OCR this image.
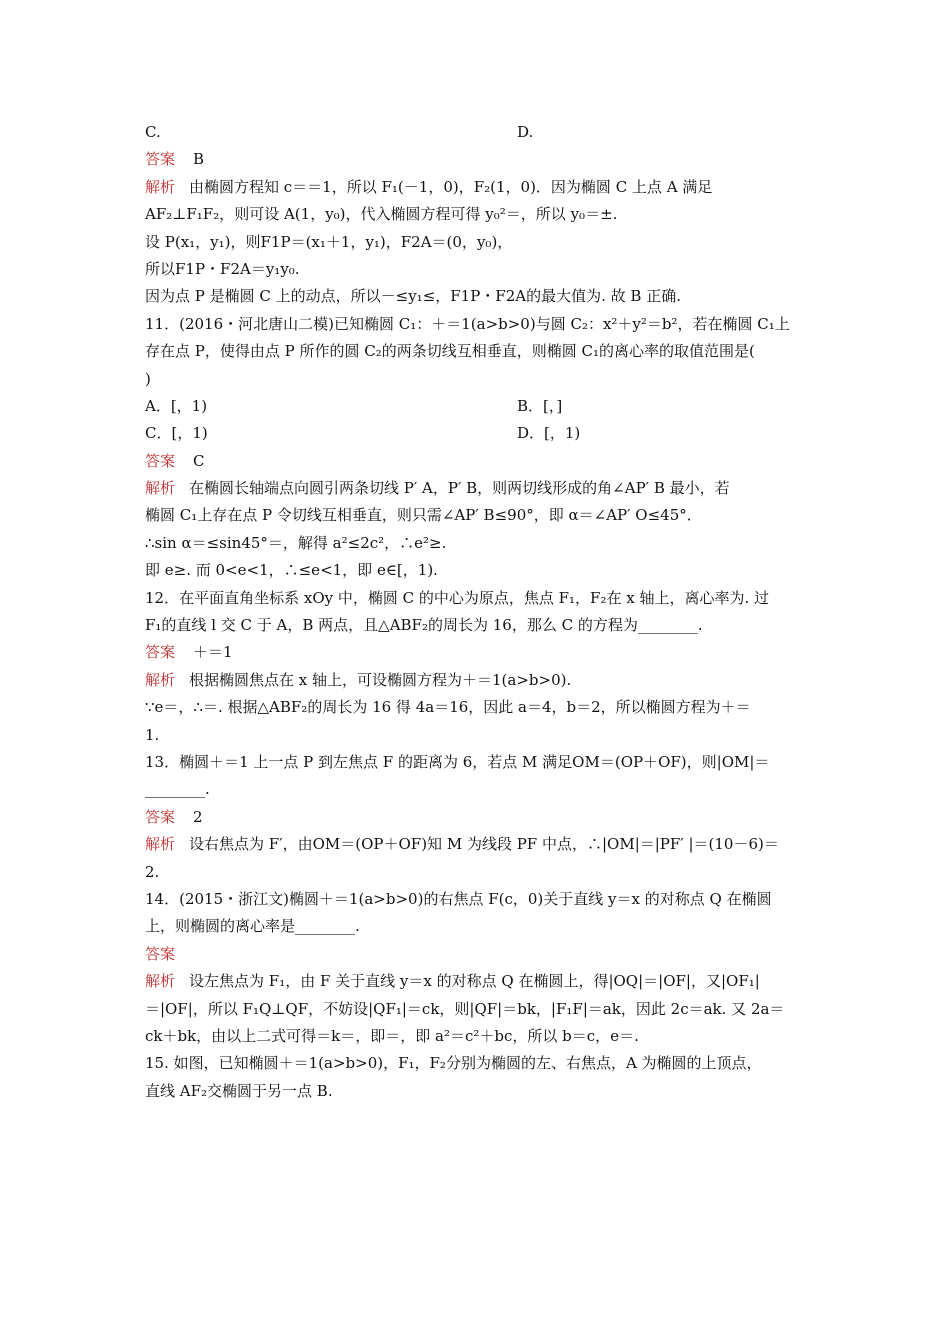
C.	D.
答案 B
解析 由椭圆方程知 c＝＝1，所以 F₁(－1，0)，F₂(1，0)．因为椭圆 C 上点 A 满足
AF₂⊥F₁F₂，则可设 A(1，y₀)，代入椭圆方程可得 y₀²＝，所以 y₀＝±.
设 P(x₁，y₁)，则F1P＝(x₁＋1，y₁)，F2A＝(0，y₀)，
所以F1P・F2A＝y₁y₀.
因为点 P 是椭圆 C 上的动点，所以－≤y₁≤，F1P・F2A的最大值为. 故 B 正确.
11．(2016・河北唐山二模)已知椭圆 C₁：＋＝1(a>b>0)与圆 C₂：x²＋y²＝b²，若在椭圆 C₁上
存在点 P，使得由点 P 所作的圆 C₂的两条切线互相垂直，则椭圆 C₁的离心率的取值范围是(
)
A．[，1)	B．[，]
C．[，1)	D．[，1)
答案 C
解析 在椭圆长轴端点向圆引两条切线 P′ A，P′ B，则两切线形成的角∠AP′ B 最小，若
椭圆 C₁上存在点 P 令切线互相垂直，则只需∠AP′ B≤90°，即 α＝∠AP′ O≤45°．
∴sin α＝≤sin45°＝，解得 a²≤2c²，∴e²≥.
即 e≥. 而 0<e<1，∴≤e<1，即 e∈[，1).
12．在平面直角坐标系 xOy 中，椭圆 C 的中心为原点，焦点 F₁，F₂在 x 轴上，离心率为. 过
F₁的直线 l 交 C 于 A，B 两点，且△ABF₂的周长为 16，那么 C 的方程为________.
答案 ＋＝1
解析 根据椭圆焦点在 x 轴上，可设椭圆方程为＋＝1(a>b>0).
∵e＝，∴＝. 根据△ABF₂的周长为 16 得 4a＝16，因此 a＝4，b＝2，所以椭圆方程为＋＝
1.
13．椭圆＋＝1 上一点 P 到左焦点 F 的距离为 6，若点 M 满足OM＝(OP＋OF)，则|OM|＝
________.
答案 2
解析 设右焦点为 F′，由OM＝(OP＋OF)知 M 为线段 PF 中点，∴|OM|＝|PF′ |＝(10－6)＝
2.
14．(2015・浙江文)椭圆＋＝1(a>b>0)的右焦点 F(c，0)关于直线 y＝x 的对称点 Q 在椭圆
上，则椭圆的离心率是________.
答案
解析 设左焦点为 F₁，由 F 关于直线 y＝x 的对称点 Q 在椭圆上，得|OQ|＝|OF|，又|OF₁|
＝|OF|，所以 F₁Q⊥QF，不妨设|QF₁|＝ck，则|QF|＝bk，|F₁F|＝ak，因此 2c＝ak. 又 2a＝
ck＋bk，由以上二式可得＝k＝，即＝，即 a²＝c²＋bc，所以 b＝c，e＝.
15. 如图，已知椭圆＋＝1(a>b>0)，F₁，F₂分别为椭圆的左、右焦点，A 为椭圆的上顶点，
直线 AF₂交椭圆于另一点 B.
